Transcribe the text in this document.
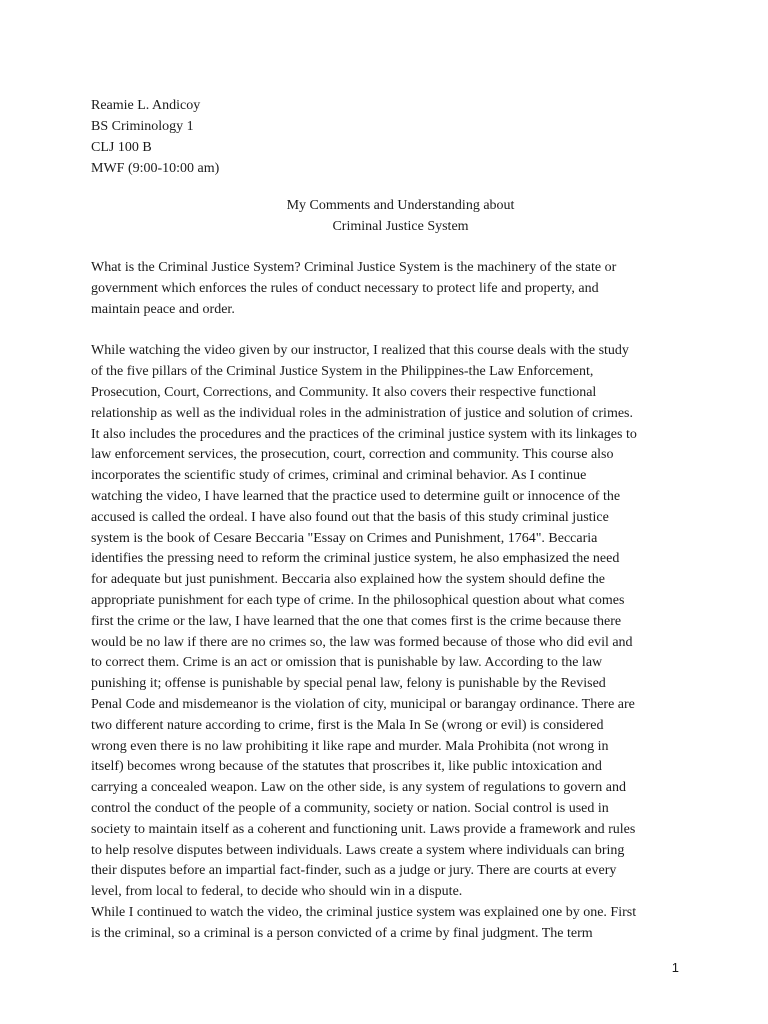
Reamie L. Andicoy
BS Criminology 1
CLJ 100 B
MWF (9:00-10:00 am)
My Comments and Understanding about
Criminal Justice System
What is the Criminal Justice System? Criminal Justice System is the machinery of the state or
government which enforces the rules of conduct necessary to protect life and property, and
maintain peace and order.
While watching the video given by our instructor, I realized that this course deals with the study
of the five pillars of the Criminal Justice System in the Philippines-the Law Enforcement,
Prosecution, Court, Corrections, and Community. It also covers their respective functional
relationship as well as the individual roles in the administration of justice and solution of crimes.
It also includes the procedures and the practices of the criminal justice system with its linkages to
law enforcement services, the prosecution, court, correction and community. This course also
incorporates the scientific study of crimes, criminal and criminal behavior. As I continue
watching the video, I have learned that the practice used to determine guilt or innocence of the
accused is called the ordeal. I have also found out that the basis of this study criminal justice
system is the book of Cesare Beccaria "Essay on Crimes and Punishment, 1764". Beccaria
identifies the pressing need to reform the criminal justice system, he also emphasized the need
for adequate but just punishment. Beccaria also explained how the system should define the
appropriate punishment for each type of crime. In the philosophical question about what comes
first the crime or the law, I have learned that the one that comes first is the crime because there
would be no law if there are no crimes so, the law was formed because of those who did evil and
to correct them. Crime is an act or omission that is punishable by law. According to the law
punishing it; offense is punishable by special penal law, felony is punishable by the Revised
Penal Code and misdemeanor is the violation of city, municipal or barangay ordinance. There are
two different nature according to crime, first is the Mala In Se (wrong or evil) is considered
wrong even there is no law prohibiting it like rape and murder. Mala Prohibita (not wrong in
itself) becomes wrong because of the statutes that proscribes it, like public intoxication and
carrying a concealed weapon. Law on the other side, is any system of regulations to govern and
control the conduct of the people of a community, society or nation. Social control is used in
society to maintain itself as a coherent and functioning unit. Laws provide a framework and rules
to help resolve disputes between individuals. Laws create a system where individuals can bring
their disputes before an impartial fact-finder, such as a judge or jury. There are courts at every
level, from local to federal, to decide who should win in a dispute.
While I continued to watch the video, the criminal justice system was explained one by one. First
is the criminal, so a criminal is a person convicted of a crime by final judgment. The term
1
